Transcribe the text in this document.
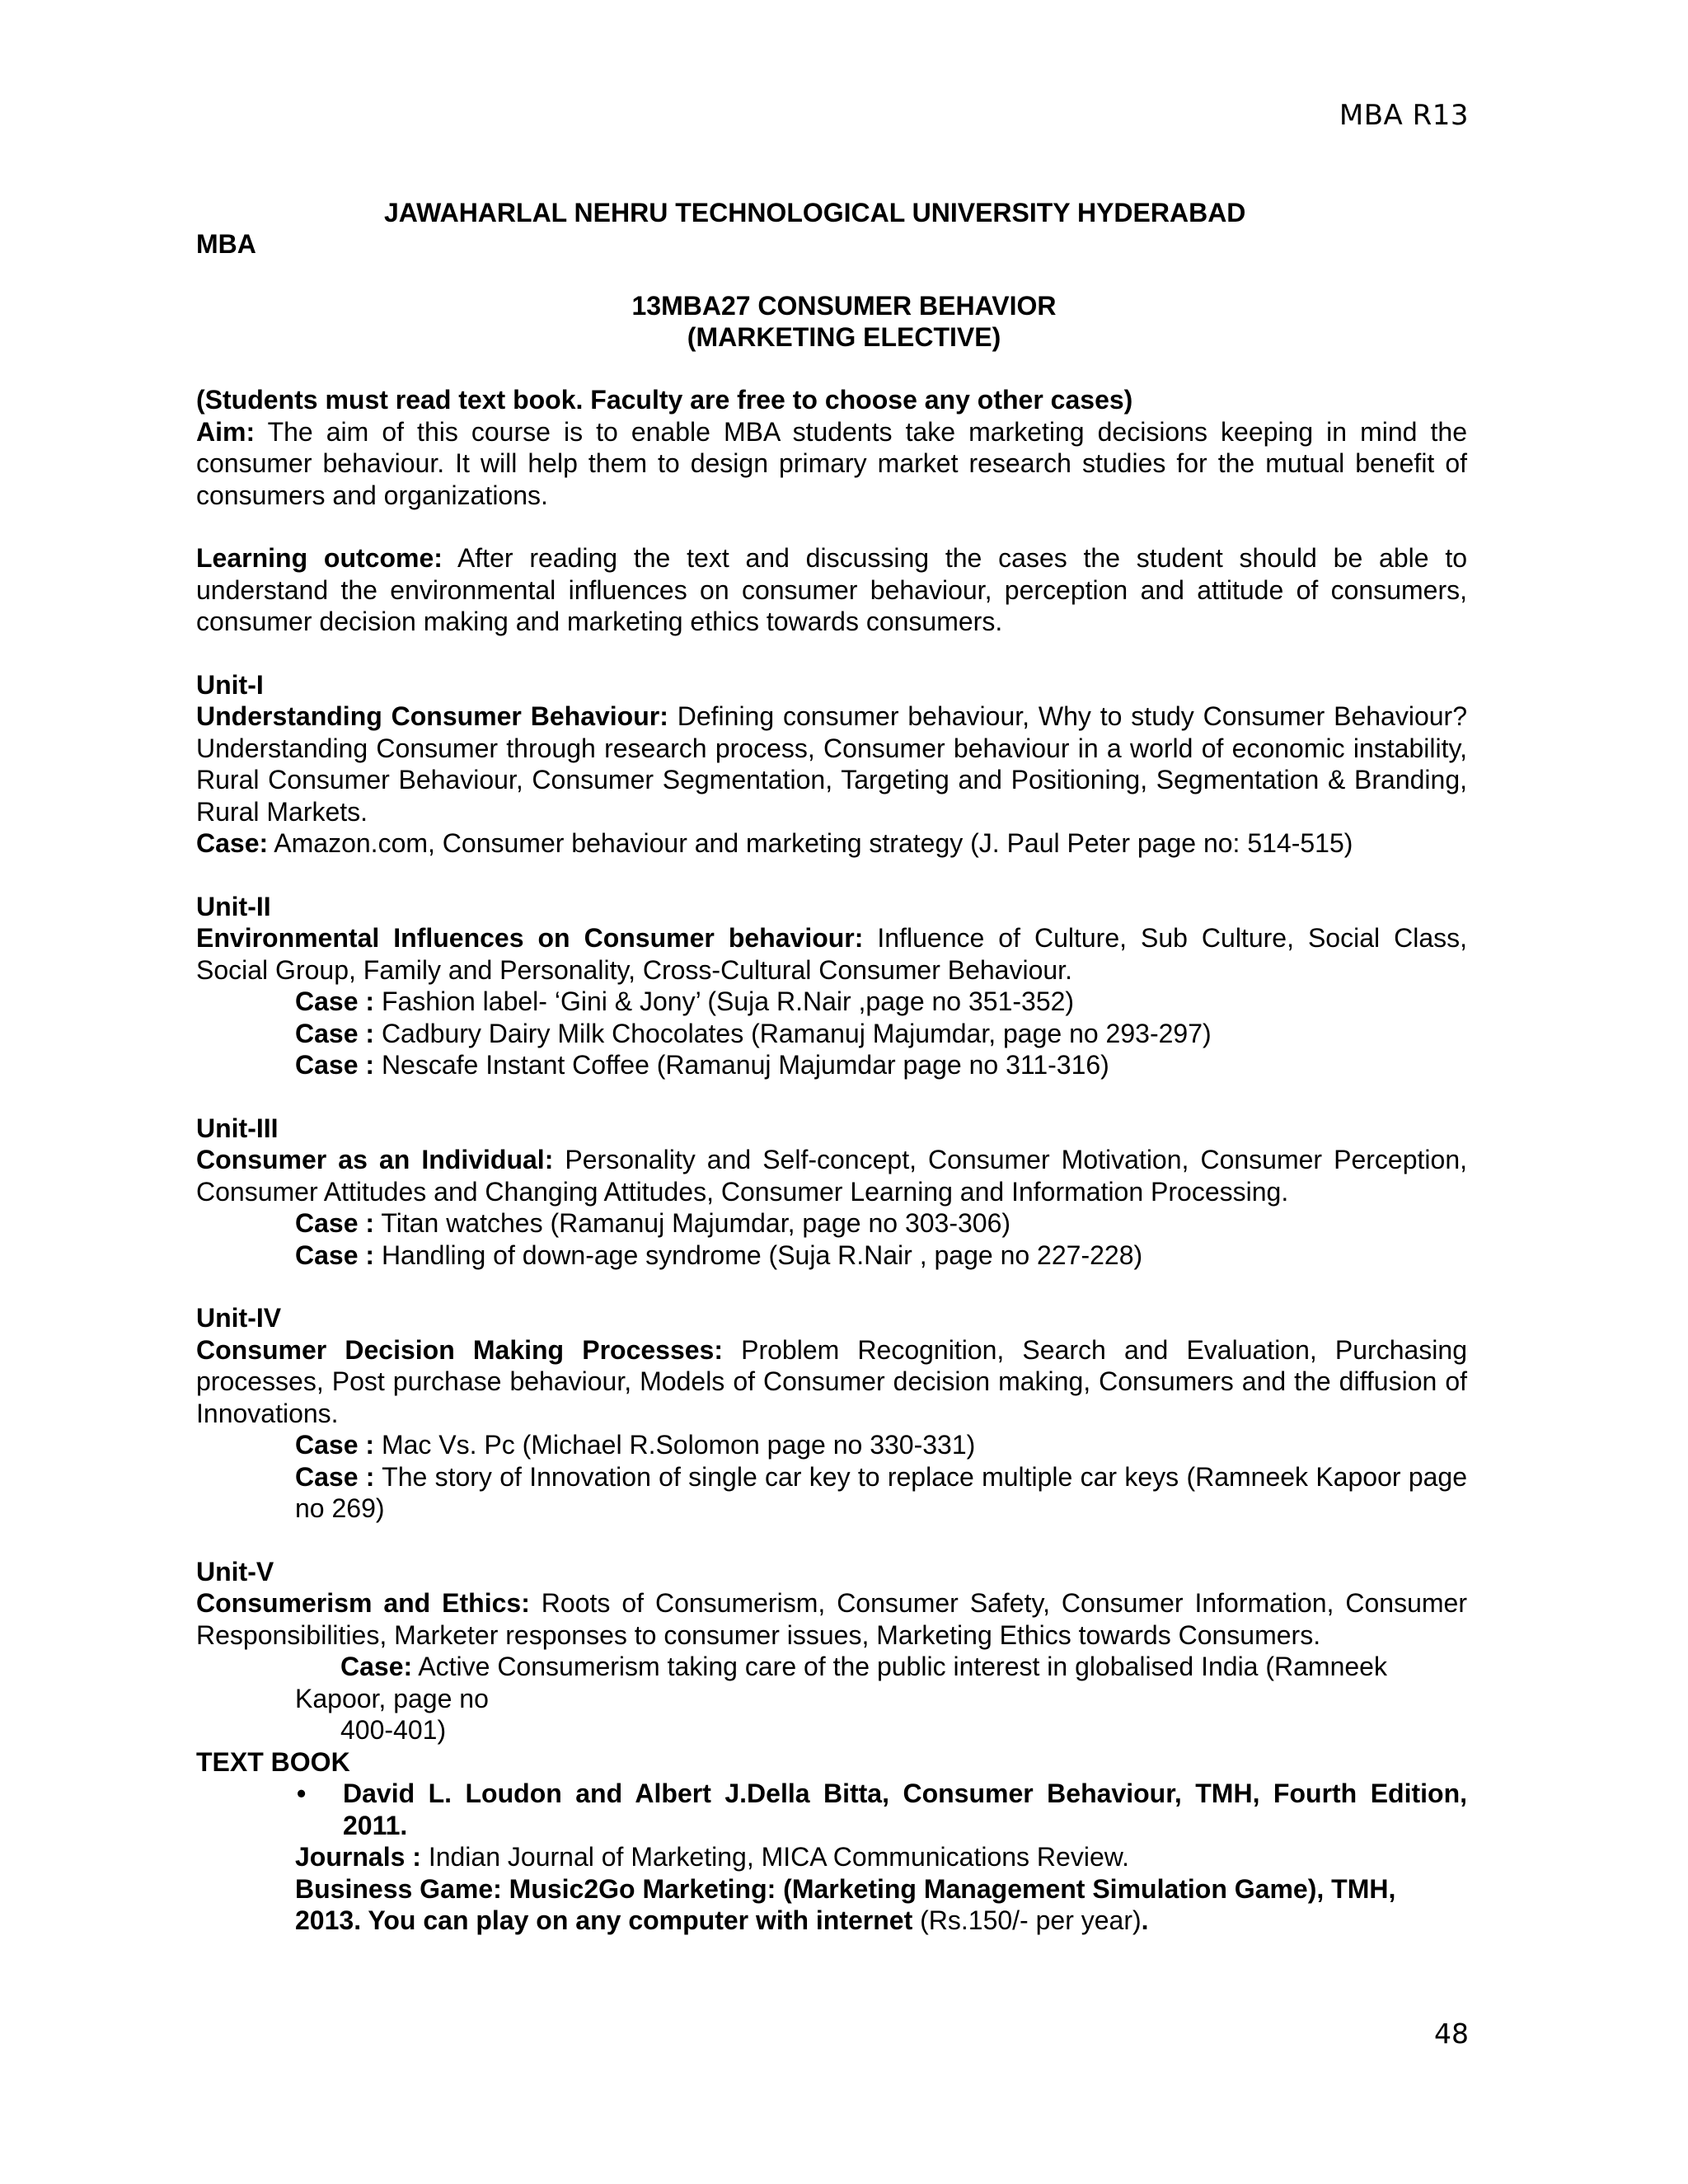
MBA R13
JAWAHARLAL NEHRU TECHNOLOGICAL UNIVERSITY HYDERABAD
MBA
13MBA27 CONSUMER BEHAVIOR
(MARKETING ELECTIVE)

(Students must read text book. Faculty are free to choose any other cases)

Aim: The aim of this course is to enable MBA students take marketing decisions keeping in mind the consumer behaviour. It will help them to design primary market research studies for the mutual benefit of consumers and organizations.

Learning outcome: After reading the text and discussing the cases the student should be able to understand the environmental influences on consumer behaviour, perception and attitude of consumers, consumer decision making and marketing ethics towards consumers.

Unit-I

Understanding Consumer Behaviour: Defining consumer behaviour, Why to study Consumer Behaviour? Understanding Consumer through research process, Consumer behaviour in a world of economic instability, Rural Consumer Behaviour, Consumer Segmentation, Targeting and Positioning, Segmentation & Branding, Rural Markets.

Case: Amazon.com, Consumer behaviour and marketing strategy (J. Paul Peter page no: 514-515)

Unit-II

Environmental Influences on Consumer behaviour: Influence of Culture, Sub Culture, Social Class, Social Group, Family and Personality, Cross-Cultural Consumer Behaviour.

Case : Fashion label- ‘Gini & Jony’ (Suja R.Nair ,page no 351-352)

Case : Cadbury Dairy Milk Chocolates (Ramanuj Majumdar, page no 293-297)

Case : Nescafe Instant Coffee (Ramanuj Majumdar page no 311-316)

Unit-III

Consumer as an Individual: Personality and Self-concept, Consumer Motivation, Consumer Perception, Consumer Attitudes and Changing Attitudes, Consumer Learning and Information Processing.

Case : Titan watches (Ramanuj Majumdar, page no 303-306)

Case : Handling of down-age syndrome (Suja R.Nair , page no 227-228)

Unit-IV

Consumer Decision Making Processes: Problem Recognition, Search and Evaluation, Purchasing processes, Post purchase behaviour, Models of Consumer decision making, Consumers and the diffusion of Innovations.

Case : Mac Vs. Pc (Michael R.Solomon page no 330-331)

Case : The story of Innovation of single car key to replace multiple car keys (Ramneek Kapoor page no 269)

Unit-V

Consumerism and Ethics: Roots of Consumerism, Consumer Safety, Consumer Information, Consumer Responsibilities, Marketer responses to consumer issues, Marketing Ethics towards Consumers.

Case: Active Consumerism taking care of the public interest in globalised India (Ramneek

Kapoor, page no

400-401)

TEXT BOOK

•	David L. Loudon and Albert J.Della Bitta, Consumer Behaviour, TMH, Fourth Edition, 2011.

Journals : Indian Journal of Marketing, MICA Communications Review.

Business Game: Music2Go Marketing: (Marketing Management Simulation Game), TMH,

2013. You can play on any computer with internet (Rs.150/- per year).

48
